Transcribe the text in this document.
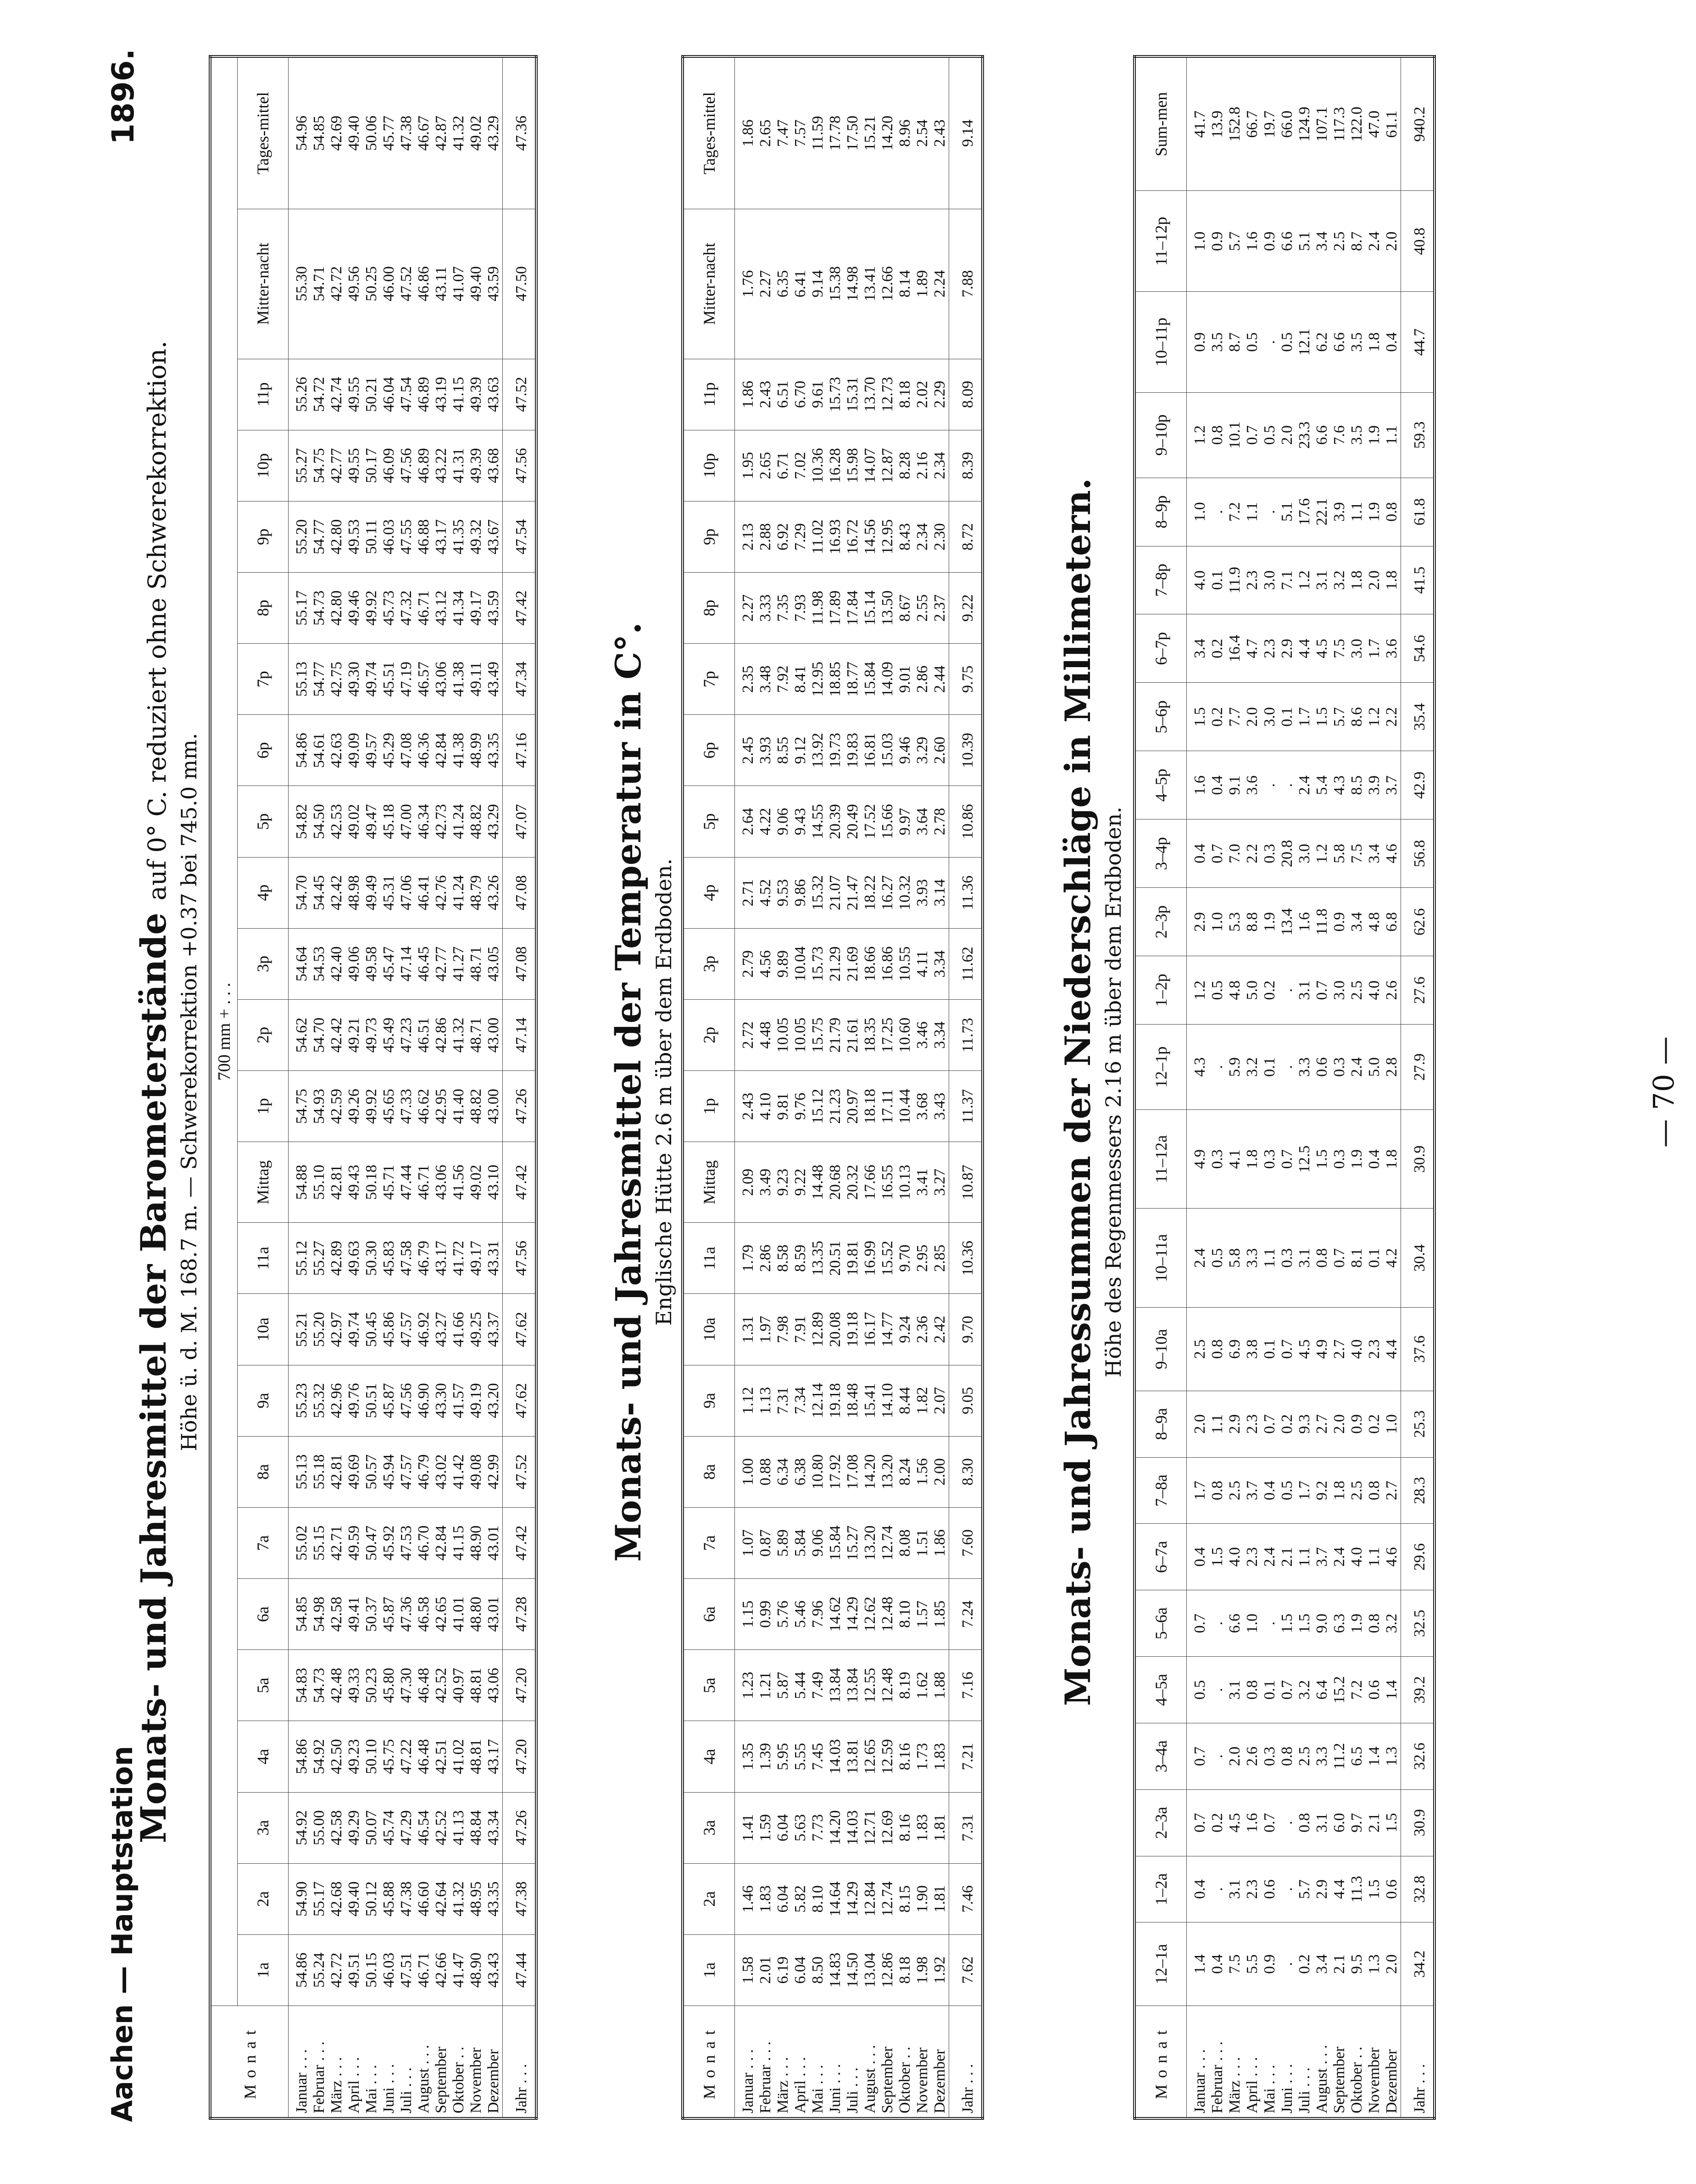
Aachen — Hauptstation
1896.
Monats- und Jahresmittel der Barometerstände auf 0° C. reduziert ohne Schwerekorrektion.
Höhe ü. d. M. 168.7 m. — Schwerekorrektion +0.37 bei 745.0 mm.
Monat	700 mm + . . .																								
	1a	2a	3a	4a	5a	6a	7a	8a	9a	10a	11a	Mittag	1p	2p	3p	4p	5p	6p	7p	8p	9p	10p	11p	Mitter-nacht	Tages-mittel
Januar . . .	54.86	54.90	54.92	54.86	54.83	54.85	55.02	55.13	55.23	55.21	55.12	54.88	54.75	54.62	54.64	54.70	54.82	54.86	55.13	55.17	55.20	55.27	55.26	55.30	54.96
Februar . . .	55.24	55.17	55.00	54.92	54.73	54.98	55.15	55.18	55.32	55.20	55.27	55.10	54.93	54.70	54.53	54.45	54.50	54.61	54.77	54.73	54.77	54.75	54.72	54.71	54.85
März . . .	42.72	42.68	42.58	42.50	42.48	42.58	42.71	42.81	42.96	42.97	42.89	42.81	42.59	42.42	42.40	42.42	42.53	42.63	42.75	42.80	42.80	42.77	42.74	42.72	42.69
April . . .	49.51	49.40	49.29	49.23	49.33	49.41	49.59	49.69	49.76	49.74	49.63	49.43	49.26	49.21	49.06	48.98	49.02	49.09	49.30	49.46	49.53	49.55	49.55	49.56	49.40
Mai . . .	50.15	50.12	50.07	50.10	50.23	50.37	50.47	50.57	50.51	50.45	50.30	50.18	49.92	49.73	49.58	49.49	49.47	49.57	49.74	49.92	50.11	50.17	50.21	50.25	50.06
Juni . . .	46.03	45.88	45.74	45.75	45.80	45.87	45.92	45.94	45.87	45.86	45.83	45.71	45.65	45.49	45.47	45.31	45.18	45.29	45.51	45.73	46.03	46.09	46.04	46.00	45.77
Juli . . .	47.51	47.38	47.29	47.22	47.30	47.36	47.53	47.57	47.56	47.57	47.58	47.44	47.33	47.23	47.14	47.06	47.00	47.08	47.19	47.32	47.55	47.56	47.54	47.52	47.38
August . . .	46.71	46.60	46.54	46.48	46.48	46.58	46.70	46.79	46.90	46.92	46.79	46.71	46.62	46.51	46.45	46.41	46.34	46.36	46.57	46.71	46.88	46.89	46.89	46.86	46.67
September	42.66	42.64	42.52	42.51	42.52	42.65	42.84	43.02	43.30	43.27	43.17	43.06	42.95	42.86	42.77	42.76	42.73	42.84	43.06	43.12	43.17	43.22	43.19	43.11	42.87
Oktober . .	41.47	41.32	41.13	41.02	40.97	41.01	41.15	41.42	41.57	41.66	41.72	41.56	41.40	41.32	41.27	41.24	41.24	41.38	41.38	41.34	41.35	41.31	41.15	41.07	41.32
November	48.90	48.95	48.84	48.81	48.81	48.80	48.90	49.08	49.19	49.25	49.17	49.02	48.82	48.71	48.71	48.79	48.82	48.99	49.11	49.17	49.32	49.39	49.39	49.40	49.02
Dezember	43.43	43.35	43.34	43.17	43.06	43.01	43.01	42.99	43.20	43.37	43.31	43.10	43.00	43.00	43.05	43.26	43.29	43.35	43.49	43.59	43.67	43.68	43.63	43.59	43.29
Jahr . . .	47.44	47.38	47.26	47.20	47.20	47.28	47.42	47.52	47.62	47.62	47.56	47.42	47.26	47.14	47.08	47.08	47.07	47.16	47.34	47.42	47.54	47.56	47.52	47.50	47.36
Monats- und Jahresmittel der Temperatur in C°. Englische Hütte 2.6 m über dem Erdboden.
Monat	1a	2a	3a	4a	5a	6a	7a	8a	9a	10a	11a	Mittag	1p	2p	3p	4p	5p	6p	7p	8p	9p	10p	11p	Mitter-nacht	Tages-mittel
Januar . . .	1.58	1.46	1.41	1.35	1.23	1.15	1.07	1.00	1.12	1.31	1.79	2.09	2.43	2.72	2.79	2.71	2.64	2.45	2.35	2.27	2.13	1.95	1.86	1.76	1.86
Februar . . .	2.01	1.83	1.59	1.39	1.21	0.99	0.87	0.88	1.13	1.97	2.86	3.49	4.10	4.48	4.56	4.52	4.22	3.93	3.48	3.33	2.88	2.65	2.43	2.27	2.65
März . . .	6.19	6.04	6.04	5.95	5.87	5.76	5.89	6.34	7.31	7.98	8.58	9.23	9.81	10.05	9.89	9.53	9.06	8.55	7.92	7.35	6.92	6.71	6.51	6.35	7.47
April . . .	6.04	5.82	5.63	5.55	5.44	5.46	5.84	6.38	7.34	7.91	8.59	9.22	9.76	10.05	10.04	9.86	9.43	9.12	8.41	7.93	7.29	7.02	6.70	6.41	7.57
Mai . . .	8.50	8.10	7.73	7.45	7.49	7.96	9.06	10.80	12.14	12.89	13.35	14.48	15.12	15.75	15.73	15.32	14.55	13.92	12.95	11.98	11.02	10.36	9.61	9.14	11.59
Juni . . .	14.83	14.64	14.20	14.03	13.84	14.62	15.84	17.92	19.18	20.08	20.51	20.68	21.23	21.79	21.29	21.07	20.39	19.73	18.85	17.89	16.93	16.28	15.73	15.38	17.78
Juli . . .	14.50	14.29	14.03	13.81	13.84	14.29	15.27	17.08	18.48	19.18	19.81	20.32	20.97	21.61	21.69	21.47	20.49	19.83	18.77	17.84	16.72	15.98	15.31	14.98	17.50
August . . .	13.04	12.84	12.71	12.65	12.55	12.62	13.20	14.20	15.41	16.17	16.99	17.66	18.18	18.35	18.66	18.22	17.52	16.81	15.84	15.14	14.56	14.07	13.70	13.41	15.21
September	12.86	12.74	12.69	12.59	12.48	12.48	12.74	13.20	14.10	14.77	15.52	16.55	17.11	17.25	16.86	16.27	15.66	15.03	14.09	13.50	12.95	12.87	12.73	12.66	14.20
Oktober . .	8.18	8.15	8.16	8.16	8.19	8.10	8.08	8.24	8.44	9.24	9.70	10.13	10.44	10.60	10.55	10.32	9.97	9.46	9.01	8.67	8.43	8.28	8.18	8.14	8.96
November	1.98	1.90	1.83	1.73	1.62	1.57	1.51	1.56	1.82	2.36	2.95	3.41	3.68	3.46	4.11	3.93	3.64	3.29	2.86	2.55	2.34	2.16	2.02	1.89	2.54
Dezember	1.92	1.81	1.81	1.83	1.88	1.85	1.86	2.00	2.07	2.42	2.85	3.27	3.43	3.34	3.34	3.14	2.78	2.60	2.44	2.37	2.30	2.34	2.29	2.24	2.43
Jahr . . .	7.62	7.46	7.31	7.21	7.16	7.24	7.60	8.30	9.05	9.70	10.36	10.87	11.37	11.73	11.62	11.36	10.86	10.39	9.75	9.22	8.72	8.39	8.09	7.88	9.14
Monats- und Jahressummen der Niederschläge in Millimetern. Höhe des Regenmessers 2.16 m über dem Erdboden.
Monat	12–1a	1–2a	2–3a	3–4a	4–5a	5–6a	6–7a	7–8a	8–9a	9–10a	10–11a	11–12a	12–1p	1–2p	2–3p	3–4p	4–5p	5–6p	6–7p	7–8p	8–9p	9–10p	10–11p	11–12p	Sum-men
Januar . . .	1.4	0.4	0.7	0.7	0.5	0.7	0.4	1.7	2.0	2.5	2.4	4.9	4.3	1.2	2.9	0.4	1.6	1.5	3.4	4.0	1.0	1.2	0.9	1.0	41.7
Februar . . .	0.4	.	0.2	.	.	.	1.5	0.8	1.1	0.8	0.5	0.3	.	0.5	1.0	0.7	0.4	0.2	0.2	0.1	.	0.8	3.5	0.9	13.9
März . . .	7.5	3.1	4.5	2.0	3.1	6.6	4.0	2.5	2.9	6.9	5.8	4.1	5.9	4.8	5.3	7.0	9.1	7.7	16.4	11.9	7.2	10.1	8.7	5.7	152.8
April . . .	5.5	2.3	1.6	2.6	0.8	1.0	2.3	3.7	2.3	3.8	3.3	1.8	3.2	5.0	8.8	2.2	3.6	2.0	4.7	2.3	1.1	0.7	0.5	1.6	66.7
Mai . . .	0.9	0.6	0.7	0.3	0.1	.	2.4	0.4	0.7	0.1	1.1	0.3	0.1	0.2	1.9	0.3	.	3.0	2.3	3.0	.	0.5	.	0.9	19.7
Juni . . .	.	.	.	0.8	0.7	1.5	2.1	0.5	0.2	0.7	0.3	0.7	.	.	13.4	20.8	.	0.1	2.9	7.1	5.1	2.0	0.5	6.6	66.0
Juli . . .	0.2	5.7	0.8	2.5	3.2	1.5	1.1	1.7	9.3	4.5	3.1	12.5	3.3	3.1	1.6	3.0	2.4	1.7	4.4	1.2	17.6	23.3	12.1	5.1	124.9
August . . .	3.4	2.9	3.1	3.3	6.4	9.0	3.7	9.2	2.7	4.9	0.8	1.5	0.6	0.7	11.8	1.2	5.4	1.5	4.5	3.1	22.1	6.6	6.2	3.4	107.1
September	2.1	4.4	6.0	11.2	15.2	6.3	2.4	1.8	2.0	2.7	0.7	0.3	0.3	3.0	0.9	5.8	4.3	5.7	7.5	3.2	3.9	7.6	6.6	2.5	117.3
Oktober . .	9.5	11.3	9.7	6.5	7.2	1.9	4.0	2.5	0.9	4.0	8.1	1.9	2.4	2.5	3.4	7.5	8.5	8.6	3.0	1.8	1.1	3.5	3.5	8.7	122.0
November	1.3	1.5	2.1	1.4	0.6	0.8	1.1	0.8	0.2	2.3	0.1	0.4	5.0	4.0	4.8	3.4	3.9	1.2	1.7	2.0	1.9	1.9	1.8	2.4	47.0
Dezember	2.0	0.6	1.5	1.3	1.4	3.2	4.6	2.7	1.0	4.4	4.2	1.8	2.8	2.6	6.8	4.6	3.7	2.2	3.6	1.8	0.8	1.1	0.4	2.0	61.1
Jahr . . .	34.2	32.8	30.9	32.6	39.2	32.5	29.6	28.3	25.3	37.6	30.4	30.9	27.9	27.6	62.6	56.8	42.9	35.4	54.6	41.5	61.8	59.3	44.7	40.8	940.2
— 70 —
